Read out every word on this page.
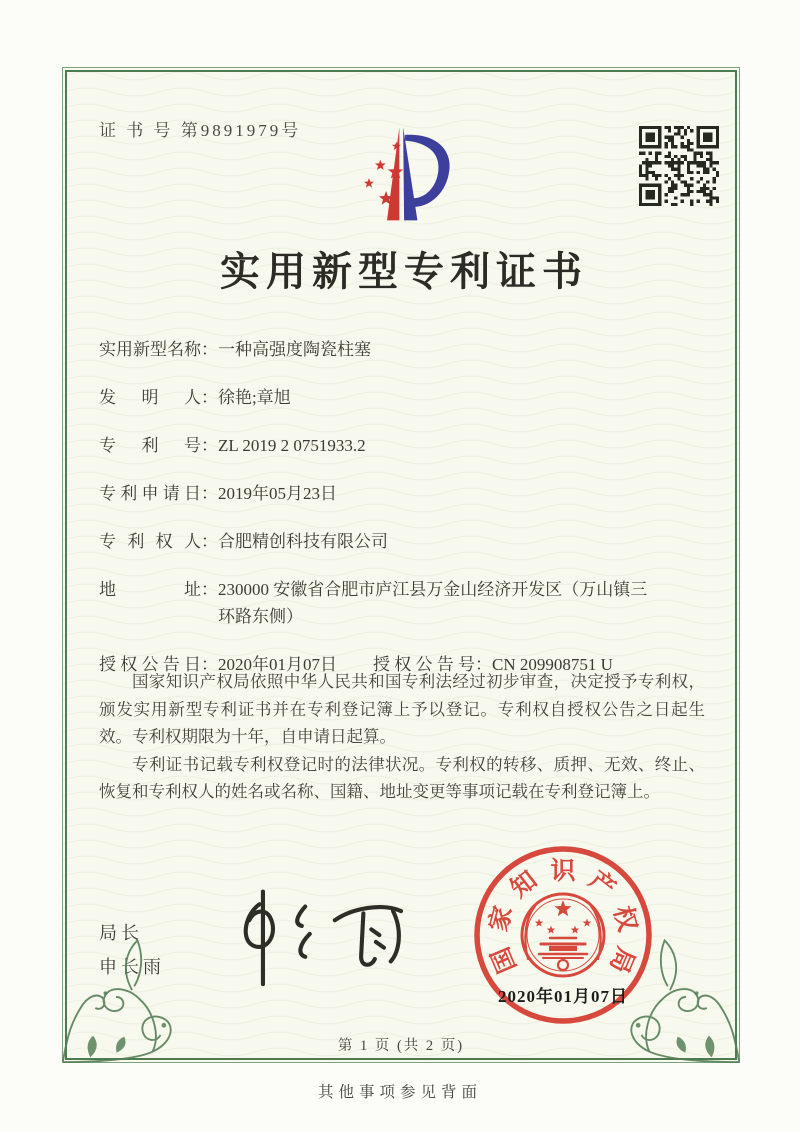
证 书 号 第9891979号
实用新型专利证书
实用新型名称 ： 一种高强度陶瓷柱塞
发明人 ： 徐艳;章旭
专利号 ： ZL 2019 2 0751933.2
专利申请日 ： 2019年05月23日
专利权人 ： 合肥精创科技有限公司
地址 ： 230000 安徽省合肥市庐江县万金山经济开发区（万山镇三环路东侧）
授权公告日 ： 2020年01月07日 授权公告号 ： CN 209908751 U

国家知识产权局依照中华人民共和国专利法经过初步审查，决定授予专利权，颁发实用新型专利证书并在专利登记簿上予以登记。专利权自授权公告之日起生效。专利权期限为十年，自申请日起算。

专利证书记载专利权登记时的法律状况。专利权的转移、质押、无效、终止、恢复和专利权人的姓名或名称、国籍、地址变更等事项记载在专利登记簿上。

局长
申长雨	国
家
知 识 产
权
局
2020年01月07日
第 1 页 (共 2 页)
其他事项参见背面
